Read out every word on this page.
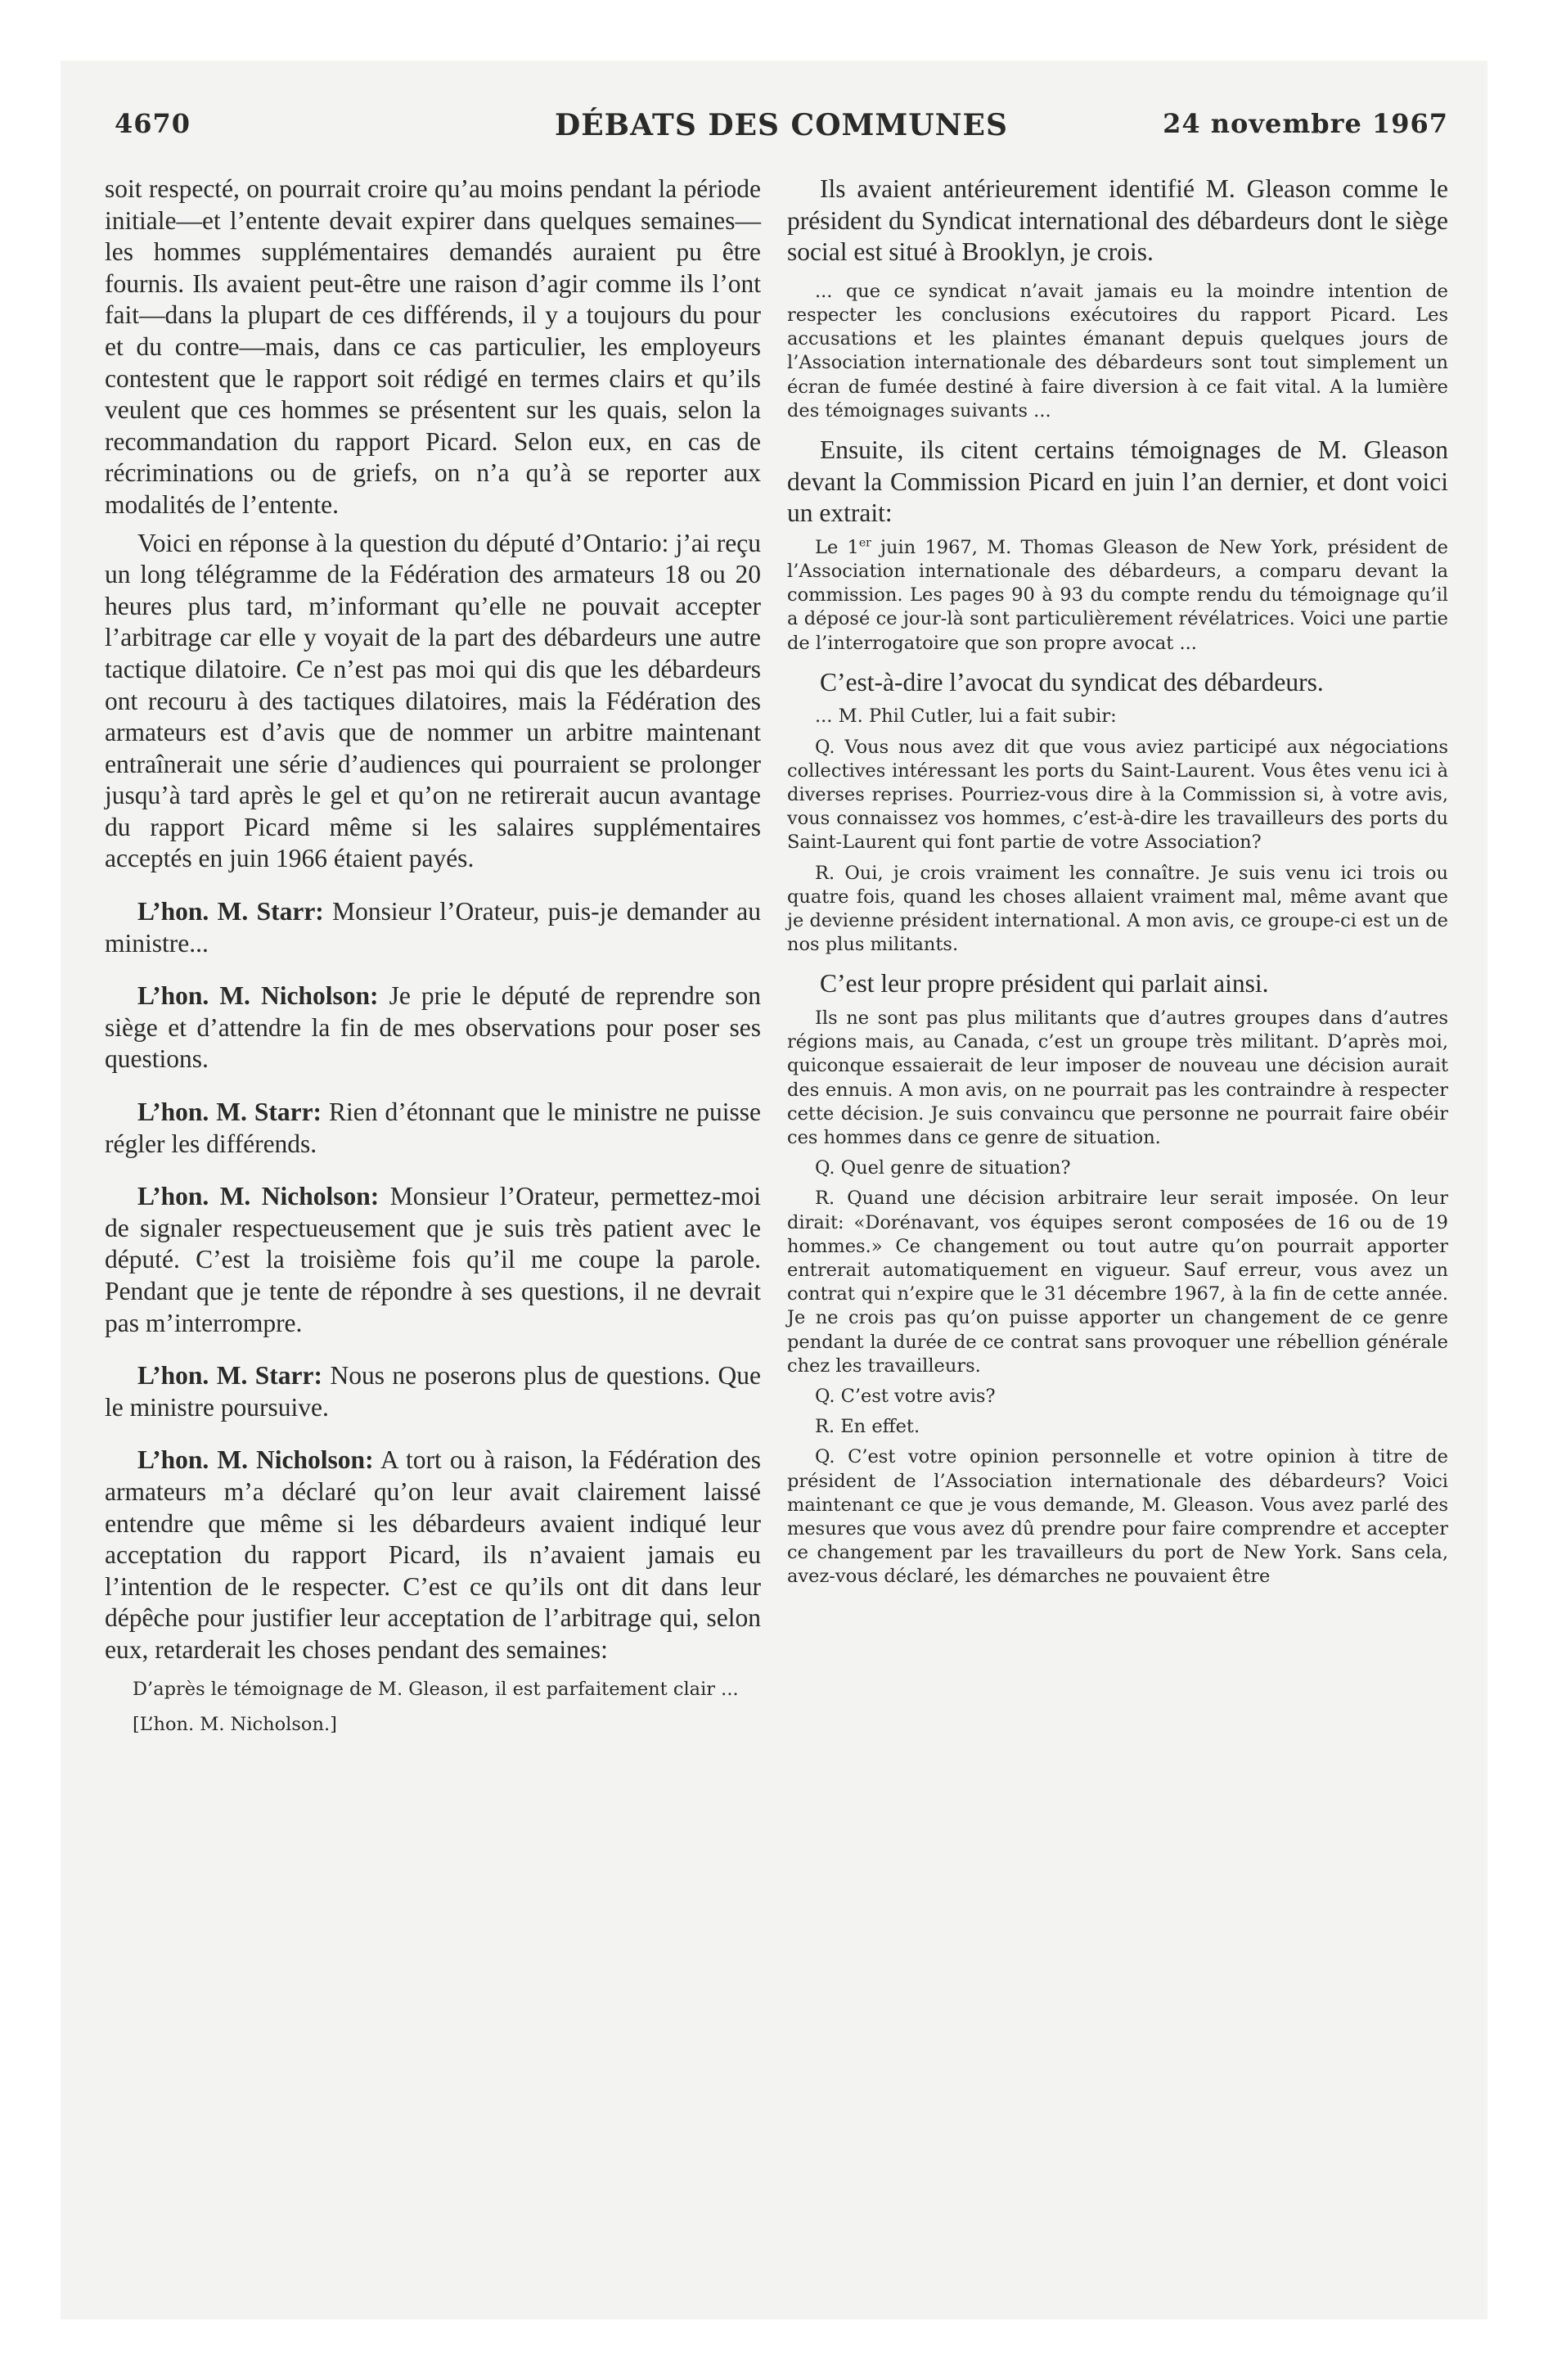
4670	DÉBATS DES COMMUNES	24 novembre 1967

soit respecté, on pourrait croire qu’au moins pendant la période initiale—et l’entente devait expirer dans quelques semaines—les hommes supplémentaires demandés auraient pu être fournis. Ils avaient peut-être une raison d’agir comme ils l’ont fait—dans la plupart de ces différends, il y a toujours du pour et du contre—mais, dans ce cas particulier, les employeurs contestent que le rapport soit rédigé en termes clairs et qu’ils veulent que ces hommes se présentent sur les quais, selon la recommandation du rapport Picard. Selon eux, en cas de récriminations ou de griefs, on n’a qu’à se reporter aux modalités de l’entente.

Voici en réponse à la question du député d’Ontario: j’ai reçu un long télégramme de la Fédération des armateurs 18 ou 20 heures plus tard, m’informant qu’elle ne pouvait accepter l’arbitrage car elle y voyait de la part des débardeurs une autre tactique dilatoire. Ce n’est pas moi qui dis que les débardeurs ont recouru à des tactiques dilatoires, mais la Fédération des armateurs est d’avis que de nommer un arbitre maintenant entraînerait une série d’audiences qui pourraient se prolonger jusqu’à tard après le gel et qu’on ne retirerait aucun avantage du rapport Picard même si les salaires supplémentaires acceptés en juin 1966 étaient payés.

L’hon. M. Starr: Monsieur l’Orateur, puis-je demander au ministre...

L’hon. M. Nicholson: Je prie le député de reprendre son siège et d’attendre la fin de mes observations pour poser ses questions.

L’hon. M. Starr: Rien d’étonnant que le ministre ne puisse régler les différends.

L’hon. M. Nicholson: Monsieur l’Orateur, permettez-moi de signaler respectueusement que je suis très patient avec le député. C’est la troisième fois qu’il me coupe la parole. Pendant que je tente de répondre à ses questions, il ne devrait pas m’interrompre.

L’hon. M. Starr: Nous ne poserons plus de questions. Que le ministre poursuive.

L’hon. M. Nicholson: A tort ou à raison, la Fédération des armateurs m’a déclaré qu’on leur avait clairement laissé entendre que même si les débardeurs avaient indiqué leur acceptation du rapport Picard, ils n’avaient jamais eu l’intention de le respecter. C’est ce qu’ils ont dit dans leur dépêche pour justifier leur acceptation de l’arbitrage qui, selon eux, retarderait les choses pendant des semaines:

D’après le témoignage de M. Gleason, il est parfaitement clair ...

[L’hon. M. Nicholson.]

Ils avaient antérieurement identifié M. Gleason comme le président du Syndicat international des débardeurs dont le siège social est situé à Brooklyn, je crois.

... que ce syndicat n’avait jamais eu la moindre intention de respecter les conclusions exécutoires du rapport Picard. Les accusations et les plaintes émanant depuis quelques jours de l’Association internationale des débardeurs sont tout simplement un écran de fumée destiné à faire diversion à ce fait vital. A la lumière des témoignages suivants ...

Ensuite, ils citent certains témoignages de M. Gleason devant la Commission Picard en juin l’an dernier, et dont voici un extrait:

Le 1er juin 1967, M. Thomas Gleason de New York, président de l’Association internationale des débardeurs, a comparu devant la commission. Les pages 90 à 93 du compte rendu du témoignage qu’il a déposé ce jour-là sont particulièrement révélatrices. Voici une partie de l’interrogatoire que son propre avocat ...

C’est-à-dire l’avocat du syndicat des débardeurs.

... M. Phil Cutler, lui a fait subir:

Q. Vous nous avez dit que vous aviez participé aux négociations collectives intéressant les ports du Saint-Laurent. Vous êtes venu ici à diverses reprises. Pourriez-vous dire à la Commission si, à votre avis, vous connaissez vos hommes, c’est-à-dire les travailleurs des ports du Saint-Laurent qui font partie de votre Association?

R. Oui, je crois vraiment les connaître. Je suis venu ici trois ou quatre fois, quand les choses allaient vraiment mal, même avant que je devienne président international. A mon avis, ce groupe-ci est un de nos plus militants.

C’est leur propre président qui parlait ainsi.

Ils ne sont pas plus militants que d’autres groupes dans d’autres régions mais, au Canada, c’est un groupe très militant. D’après moi, quiconque essaierait de leur imposer de nouveau une décision aurait des ennuis. A mon avis, on ne pourrait pas les contraindre à respecter cette décision. Je suis convaincu que personne ne pourrait faire obéir ces hommes dans ce genre de situation.

Q. Quel genre de situation?

R. Quand une décision arbitraire leur serait imposée. On leur dirait: «Dorénavant, vos équipes seront composées de 16 ou de 19 hommes.» Ce changement ou tout autre qu’on pourrait apporter entrerait automatiquement en vigueur. Sauf erreur, vous avez un contrat qui n’expire que le 31 décembre 1967, à la fin de cette année. Je ne crois pas qu’on puisse apporter un changement de ce genre pendant la durée de ce contrat sans provoquer une rébellion générale chez les travailleurs.

Q. C’est votre avis?

R. En effet.

Q. C’est votre opinion personnelle et votre opinion à titre de président de l’Association internationale des débardeurs? Voici maintenant ce que je vous demande, M. Gleason. Vous avez parlé des mesures que vous avez dû prendre pour faire comprendre et accepter ce changement par les travailleurs du port de New York. Sans cela, avez-vous déclaré, les démarches ne pouvaient être
